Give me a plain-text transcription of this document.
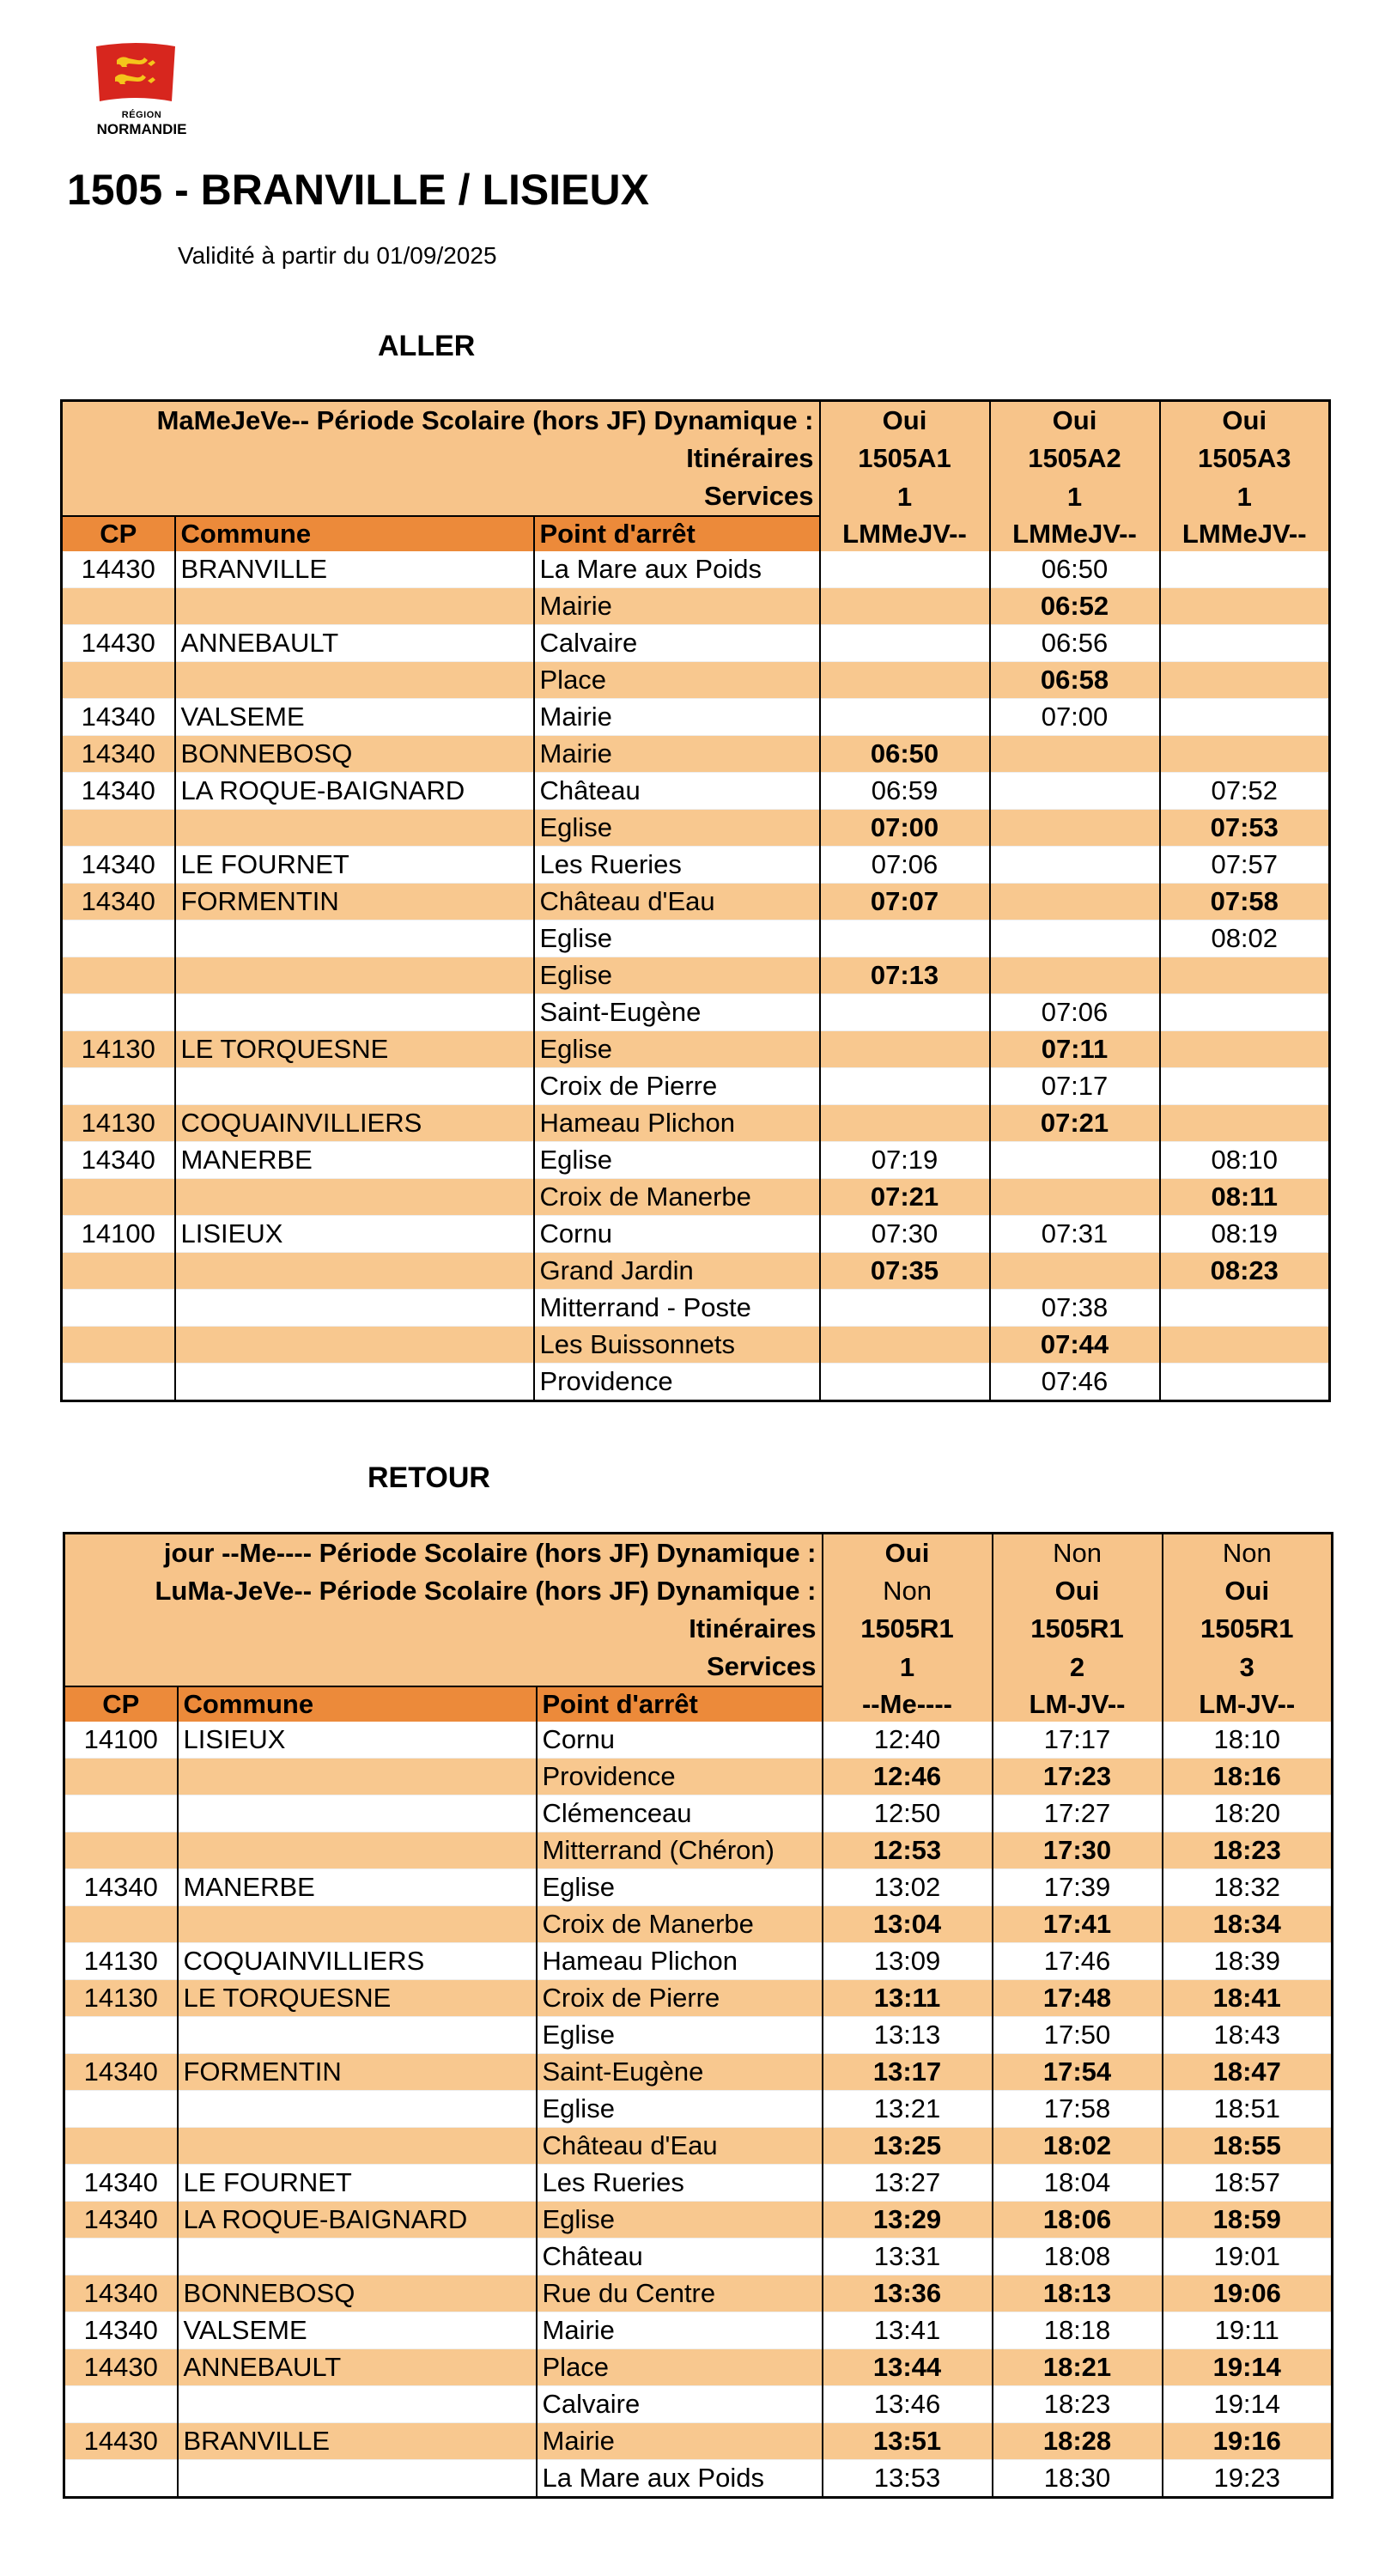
RÉGION
NORMANDIE
1505 - BRANVILLE / LISIEUX
Validité à partir du 01/09/2025
ALLER
MaMeJeVe-- Période Scolaire (hors JF) Dynamique :			Oui	Oui	Oui
Itinéraires			1505A1	1505A2	1505A3
Services			1	1	1
CP	Commune	Point d'arrêt	LMMeJV--	LMMeJV--	LMMeJV--
14430	BRANVILLE	La Mare aux Poids		06:50	
		Mairie		06:52	
14430	ANNEBAULT	Calvaire		06:56	
		Place		06:58	
14340	VALSEME	Mairie		07:00	
14340	BONNEBOSQ	Mairie	06:50		
14340	LA ROQUE-BAIGNARD	Château	06:59		07:52
		Eglise	07:00		07:53
14340	LE FOURNET	Les Rueries	07:06		07:57
14340	FORMENTIN	Château d'Eau	07:07		07:58
		Eglise			08:02
		Eglise	07:13		
		Saint-Eugène		07:06	
14130	LE TORQUESNE	Eglise		07:11	
		Croix de Pierre		07:17	
14130	COQUAINVILLIERS	Hameau Plichon		07:21	
14340	MANERBE	Eglise	07:19		08:10
		Croix de Manerbe	07:21		08:11
14100	LISIEUX	Cornu	07:30	07:31	08:19
		Grand Jardin	07:35		08:23
		Mitterrand - Poste		07:38	
		Les Buissonnets		07:44	
		Providence		07:46	
RETOUR
jour --Me---- Période Scolaire (hors JF) Dynamique :			Oui	Non	Non
LuMa-JeVe-- Période Scolaire (hors JF) Dynamique :			Non	Oui	Oui
Itinéraires			1505R1	1505R1	1505R1
Services			1	2	3
CP	Commune	Point d'arrêt	--Me----	LM-JV--	LM-JV--
14100	LISIEUX	Cornu	12:40	17:17	18:10
		Providence	12:46	17:23	18:16
		Clémenceau	12:50	17:27	18:20
		Mitterrand (Chéron)	12:53	17:30	18:23
14340	MANERBE	Eglise	13:02	17:39	18:32
		Croix de Manerbe	13:04	17:41	18:34
14130	COQUAINVILLIERS	Hameau Plichon	13:09	17:46	18:39
14130	LE TORQUESNE	Croix de Pierre	13:11	17:48	18:41
		Eglise	13:13	17:50	18:43
14340	FORMENTIN	Saint-Eugène	13:17	17:54	18:47
		Eglise	13:21	17:58	18:51
		Château d'Eau	13:25	18:02	18:55
14340	LE FOURNET	Les Rueries	13:27	18:04	18:57
14340	LA ROQUE-BAIGNARD	Eglise	13:29	18:06	18:59
		Château	13:31	18:08	19:01
14340	BONNEBOSQ	Rue du Centre	13:36	18:13	19:06
14340	VALSEME	Mairie	13:41	18:18	19:11
14430	ANNEBAULT	Place	13:44	18:21	19:14
		Calvaire	13:46	18:23	19:14
14430	BRANVILLE	Mairie	13:51	18:28	19:16
		La Mare aux Poids	13:53	18:30	19:23
